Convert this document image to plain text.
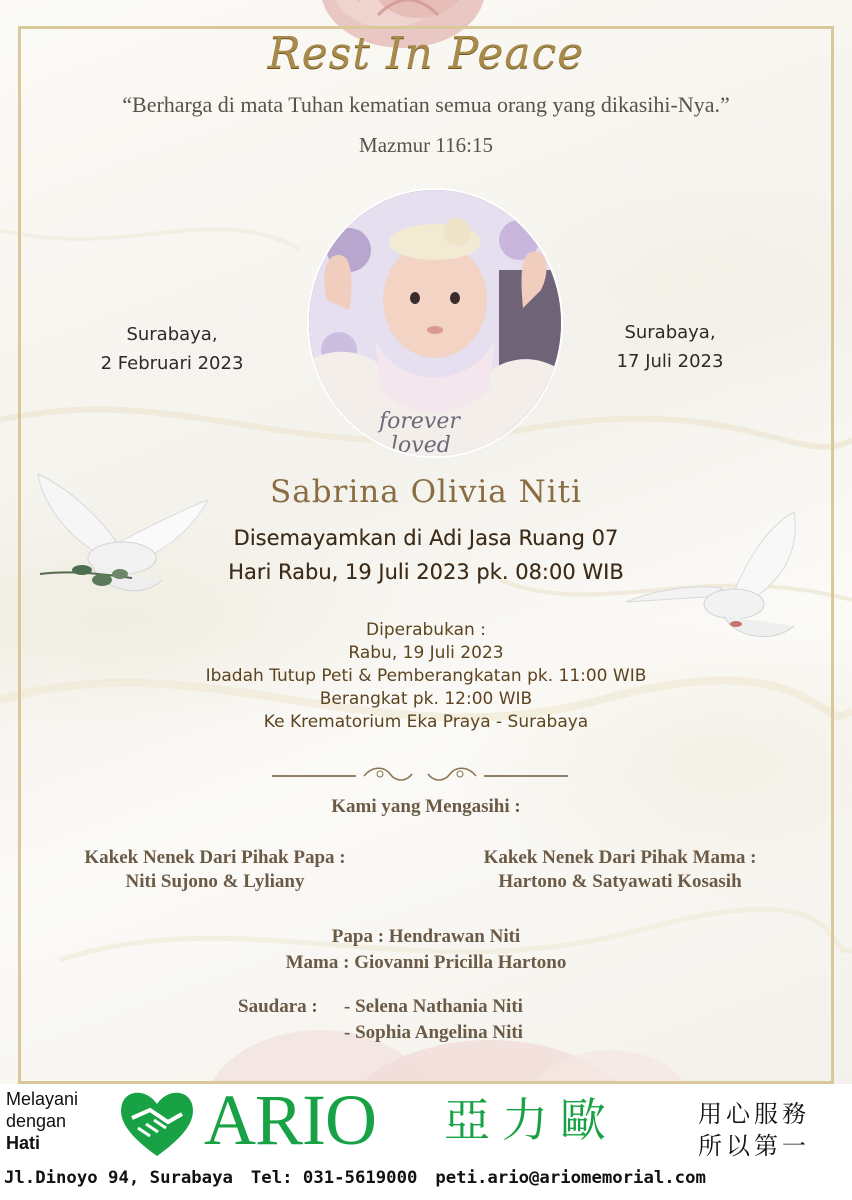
Rest In Peace
“Berharga di mata Tuhan kematian semua orang yang dikasihi-Nya.”
Mazmur 116:15
forever
loved
Surabaya,
2 Februari 2023
Surabaya,
17 Juli 2023
Sabrina Olivia Niti
Disemayamkan di Adi Jasa Ruang 07
Hari Rabu, 19 Juli 2023 pk. 08:00 WIB
Diperabukan :
Rabu, 19 Juli 2023
Ibadah Tutup Peti & Pemberangkatan pk. 11:00 WIB
Berangkat pk. 12:00 WIB
Ke Krematorium Eka Praya - Surabaya
Kami yang Mengasihi :
Kakek Nenek Dari Pihak Papa :
Niti Sujono & Lyliany
Kakek Nenek Dari Pihak Mama :
Hartono & Satyawati Kosasih
Papa : Hendrawan Niti
Mama : Giovanni Pricilla Hartono
Saudara : - Selena Nathania Niti
- Sophia Angelina Niti
Melayani
dengan
Hati	ARIO 亞力歐	用心服務
所以第一
Jl.Dinoyo 94, Surabaya Tel: 031-5619000 peti.ario@ariomemorial.com
